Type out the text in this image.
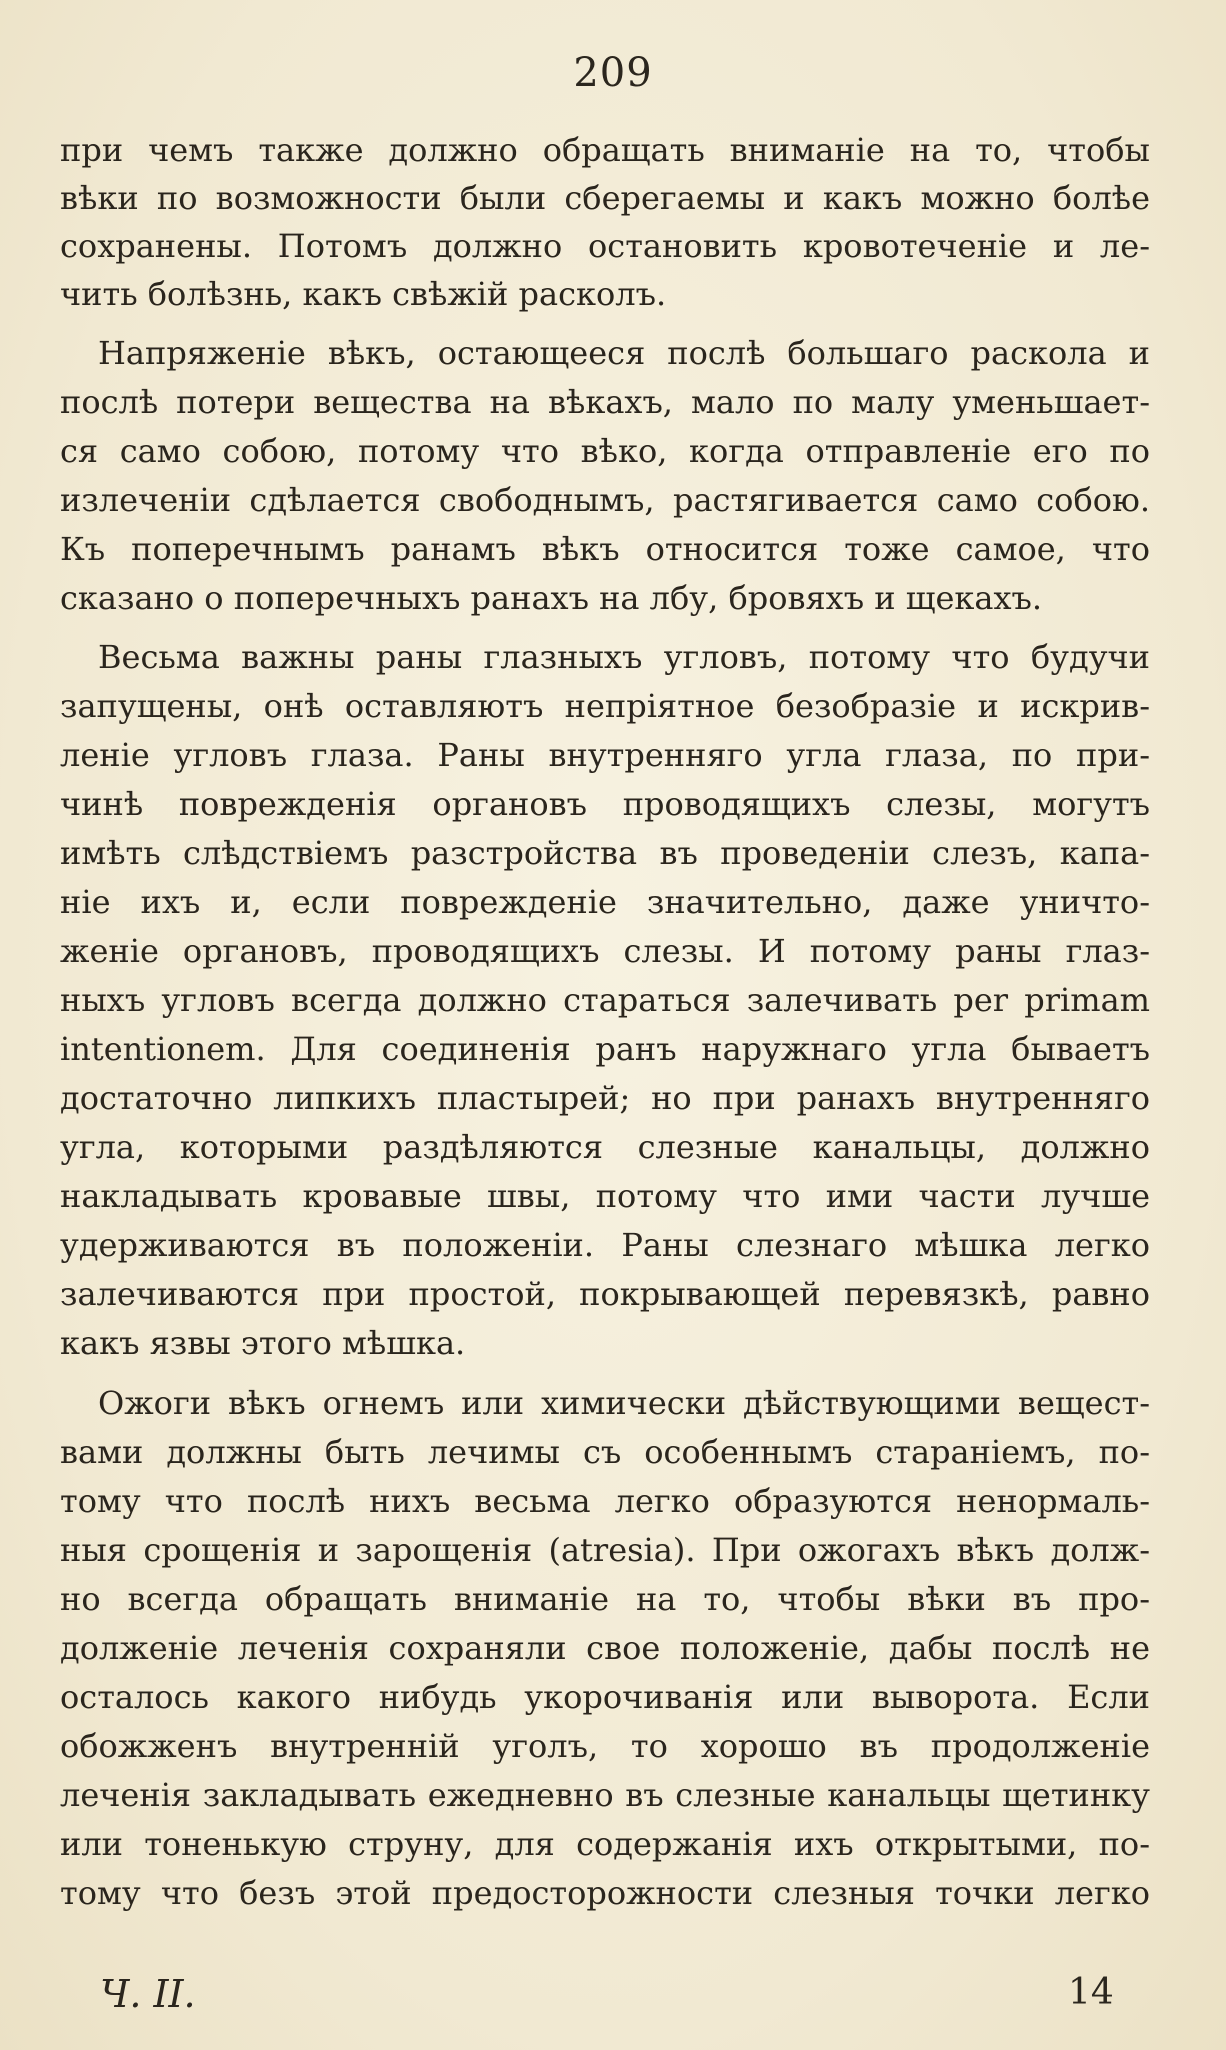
209
при чемъ также должно обращать вниманіе на то, чтобы
вѣки по возможности были сберегаемы и какъ можно болѣе
сохранены. Потомъ должно остановить кровотеченіе и ле-
чить болѣзнь, какъ свѣжій расколъ.
Напряженіе вѣкъ, остающееся послѣ большаго раскола и
послѣ потери вещества на вѣкахъ, мало по малу уменьшает-
ся само собою, потому что вѣко, когда отправленіе его по
излеченіи сдѣлается свободнымъ, растягивается само собою.
Къ поперечнымъ ранамъ вѣкъ относится тоже самое, что
сказано о поперечныхъ ранахъ на лбу, бровяхъ и щекахъ.
Весьма важны раны глазныхъ угловъ, потому что будучи
запущены, онѣ оставляютъ непріятное безобразіе и искрив-
леніе угловъ глаза. Раны внутренняго угла глаза, по при-
чинѣ поврежденія органовъ проводящихъ слезы, могутъ
имѣть слѣдствіемъ разстройства въ проведеніи слезъ, капа-
ніе ихъ и, если поврежденіе значительно, даже уничто-
женіе органовъ, проводящихъ слезы. И потому раны глаз-
ныхъ угловъ всегда должно стараться залечивать per primam
intentionem. Для соединенія ранъ наружнаго угла бываетъ
достаточно липкихъ пластырей; но при ранахъ внутренняго
угла, которыми раздѣляются слезные канальцы, должно
накладывать кровавые швы, потому что ими части лучше
удерживаются въ положеніи. Раны слезнаго мѣшка легко
залечиваются при простой, покрывающей перевязкѣ, равно
какъ язвы этого мѣшка.
Ожоги вѣкъ огнемъ или химически дѣйствующими вещест-
вами должны быть лечимы съ особеннымъ стараніемъ, по-
тому что послѣ нихъ весьма легко образуются ненормаль-
ныя срощенія и зарощенія (atresia). При ожогахъ вѣкъ долж-
но всегда обращать вниманіе на то, чтобы вѣки въ про-
долженіе леченія сохраняли свое положеніе, дабы послѣ не
осталось какого нибудь укорочиванія или выворота. Если
обожженъ внутренній уголъ, то хорошо въ продолженіе
леченія закладывать ежедневно въ слезные канальцы щетинку
или тоненькую струну, для содержанія ихъ открытыми, по-
тому что безъ этой предосторожности слезныя точки легко
Ч. II.	14
